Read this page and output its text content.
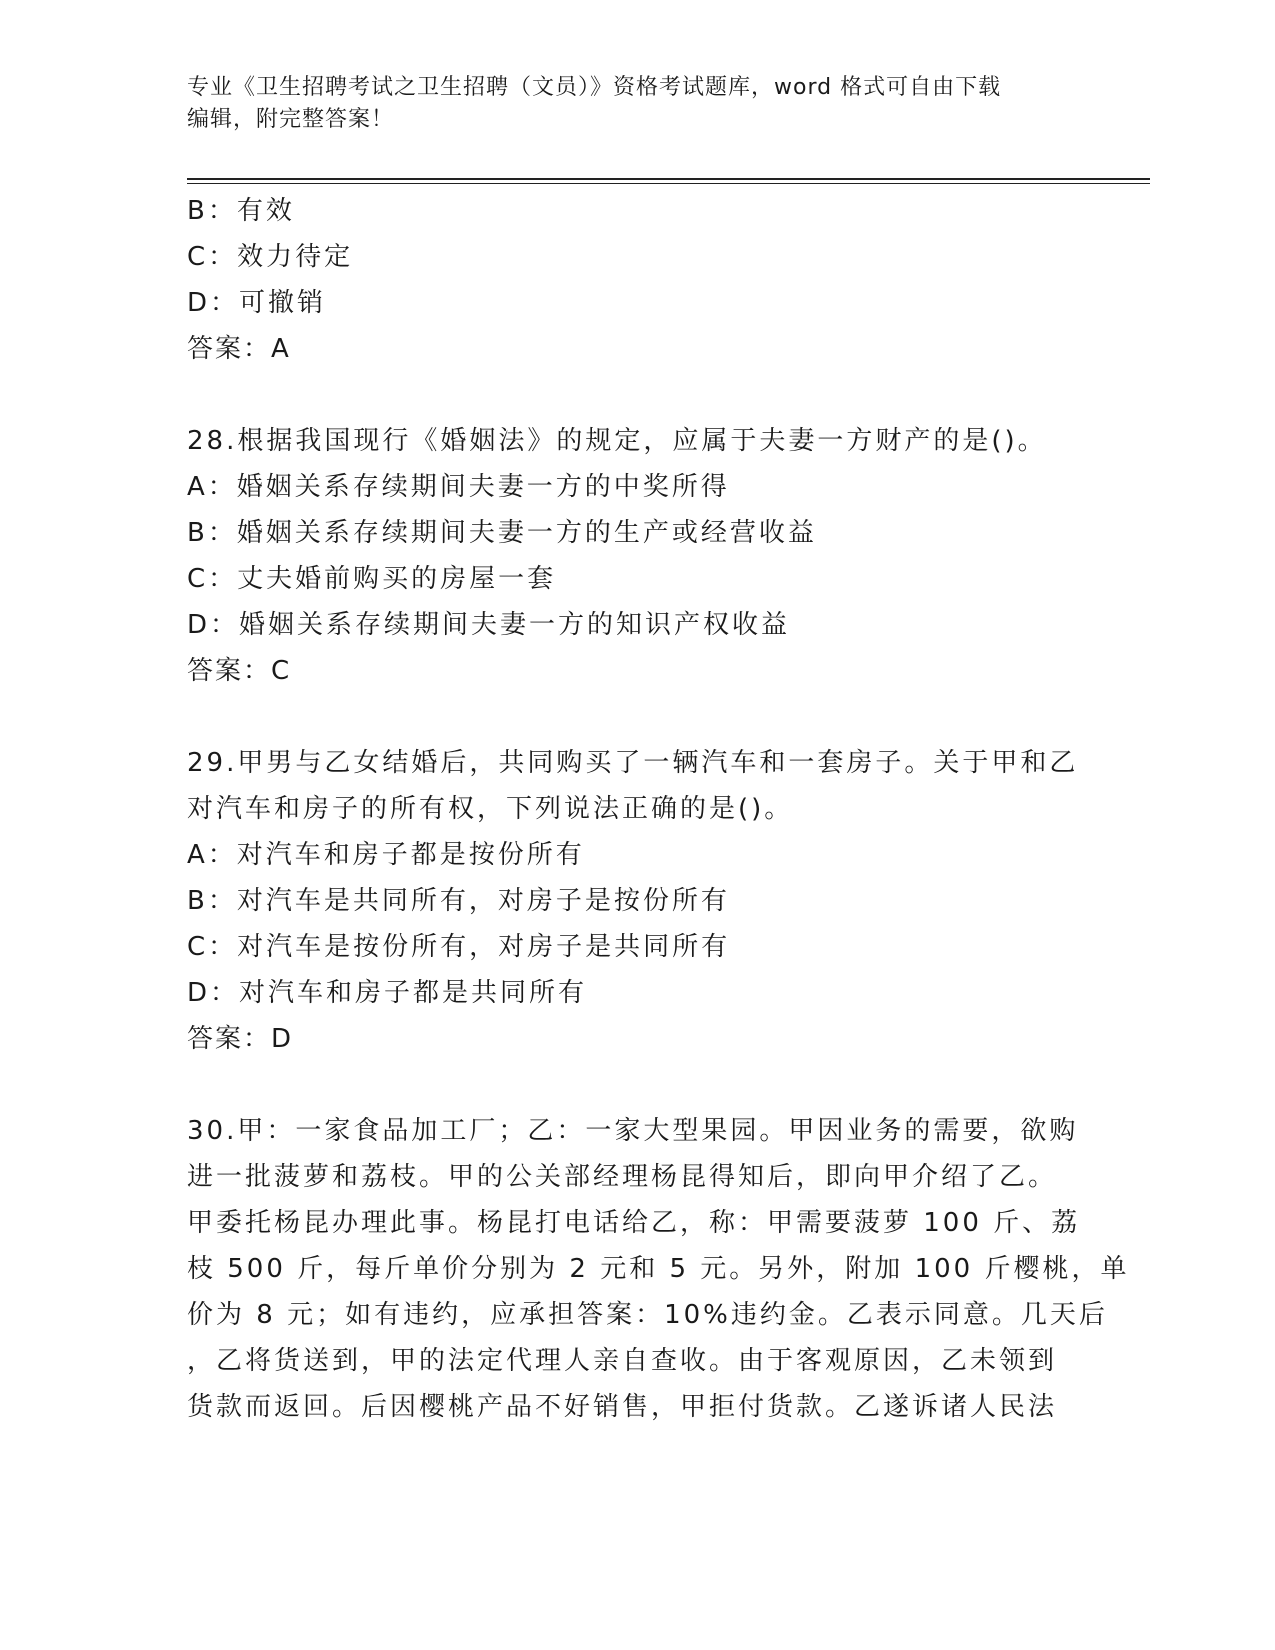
专业《卫生招聘考试之卫生招聘（文员）》资格考试题库，word 格式可自由下载
编辑，附完整答案！
B：有效
C：效力待定
D：可撤销
答案：A
28.根据我国现行《婚姻法》的规定，应属于夫妻一方财产的是()。
A：婚姻关系存续期间夫妻一方的中奖所得
B：婚姻关系存续期间夫妻一方的生产或经营收益
C：丈夫婚前购买的房屋一套
D：婚姻关系存续期间夫妻一方的知识产权收益
答案：C
29.甲男与乙女结婚后，共同购买了一辆汽车和一套房子。关于甲和乙
对汽车和房子的所有权，下列说法正确的是()。
A：对汽车和房子都是按份所有
B：对汽车是共同所有，对房子是按份所有
C：对汽车是按份所有，对房子是共同所有
D：对汽车和房子都是共同所有
答案：D
30.甲：一家食品加工厂；乙：一家大型果园。甲因业务的需要，欲购
进一批菠萝和荔枝。甲的公关部经理杨昆得知后，即向甲介绍了乙。
甲委托杨昆办理此事。杨昆打电话给乙，称：甲需要菠萝 100 斤、荔
枝 500 斤，每斤单价分别为 2 元和 5 元。另外，附加 100 斤樱桃，单
价为 8 元；如有违约，应承担答案：10%违约金。乙表示同意。几天后
，乙将货送到，甲的法定代理人亲自查收。由于客观原因，乙未领到
货款而返回。后因樱桃产品不好销售，甲拒付货款。乙遂诉诸人民法
